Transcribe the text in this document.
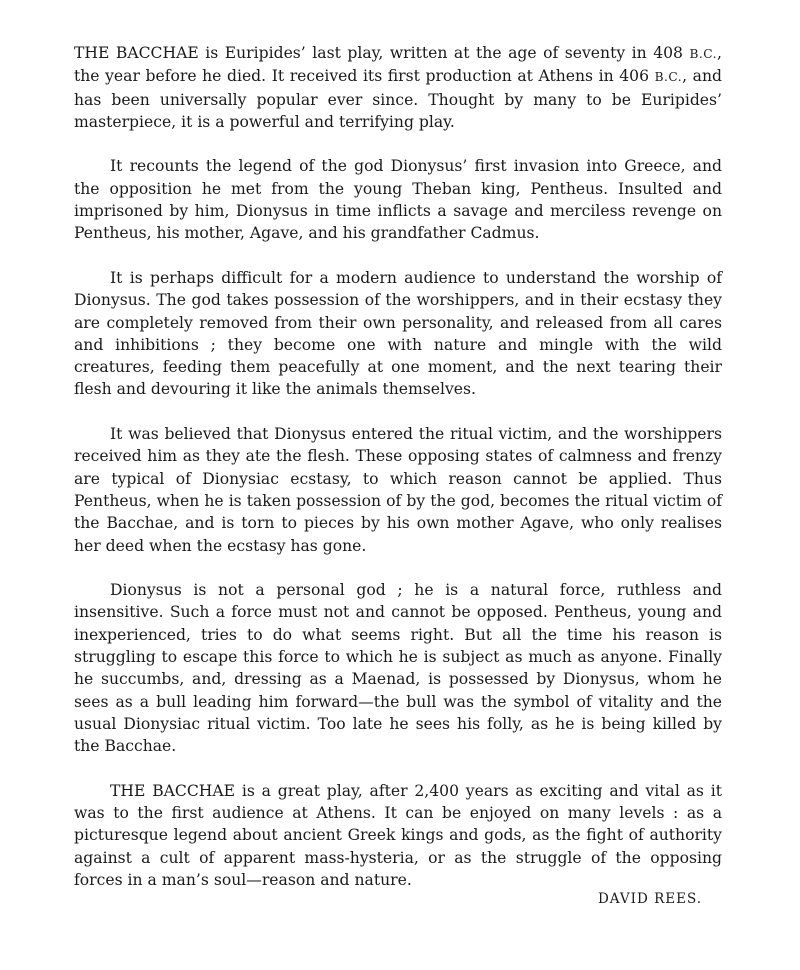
THE BACCHAE is Euripides’ last play, written at the age of seventy in 408 B.C., the year before he died. It received its first production at Athens in 406 B.C., and has been universally popular ever since. Thought by many to be Euripides’ masterpiece, it is a powerful and terrifying play.

It recounts the legend of the god Dionysus’ first invasion into Greece, and the opposition he met from the young Theban king, Pentheus. Insulted and imprisoned by him, Dionysus in time inflicts a savage and merciless revenge on Pentheus, his mother, Agave, and his grandfather Cadmus.

It is perhaps difficult for a modern audience to understand the worship of Dionysus. The god takes possession of the worshippers, and in their ecstasy they are completely removed from their own personality, and released from all cares and inhibitions ; they become one with nature and mingle with the wild creatures, feeding them peacefully at one moment, and the next tearing their flesh and devouring it like the animals themselves.

It was believed that Dionysus entered the ritual victim, and the worshippers received him as they ate the flesh. These opposing states of calmness and frenzy are typical of Dionysiac ecstasy, to which reason cannot be applied. Thus Pentheus, when he is taken possession of by the god, becomes the ritual victim of the Bacchae, and is torn to pieces by his own mother Agave, who only realises her deed when the ecstasy has gone.

Dionysus is not a personal god ; he is a natural force, ruthless and insensitive. Such a force must not and cannot be opposed. Pentheus, young and inexperienced, tries to do what seems right. But all the time his reason is struggling to escape this force to which he is subject as much as anyone. Finally he succumbs, and, dressing as a Maenad, is possessed by Dionysus, whom he sees as a bull leading him forward—the bull was the symbol of vitality and the usual Dionysiac ritual victim. Too late he sees his folly, as he is being killed by the Bacchae.

THE BACCHAE is a great play, after 2,400 years as exciting and vital as it was to the first audience at Athens. It can be enjoyed on many levels : as a picturesque legend about ancient Greek kings and gods, as the fight of authority against a cult of apparent mass-hysteria, or as the struggle of the opposing forces in a man’s soul—reason and nature.

DAVID REES.
